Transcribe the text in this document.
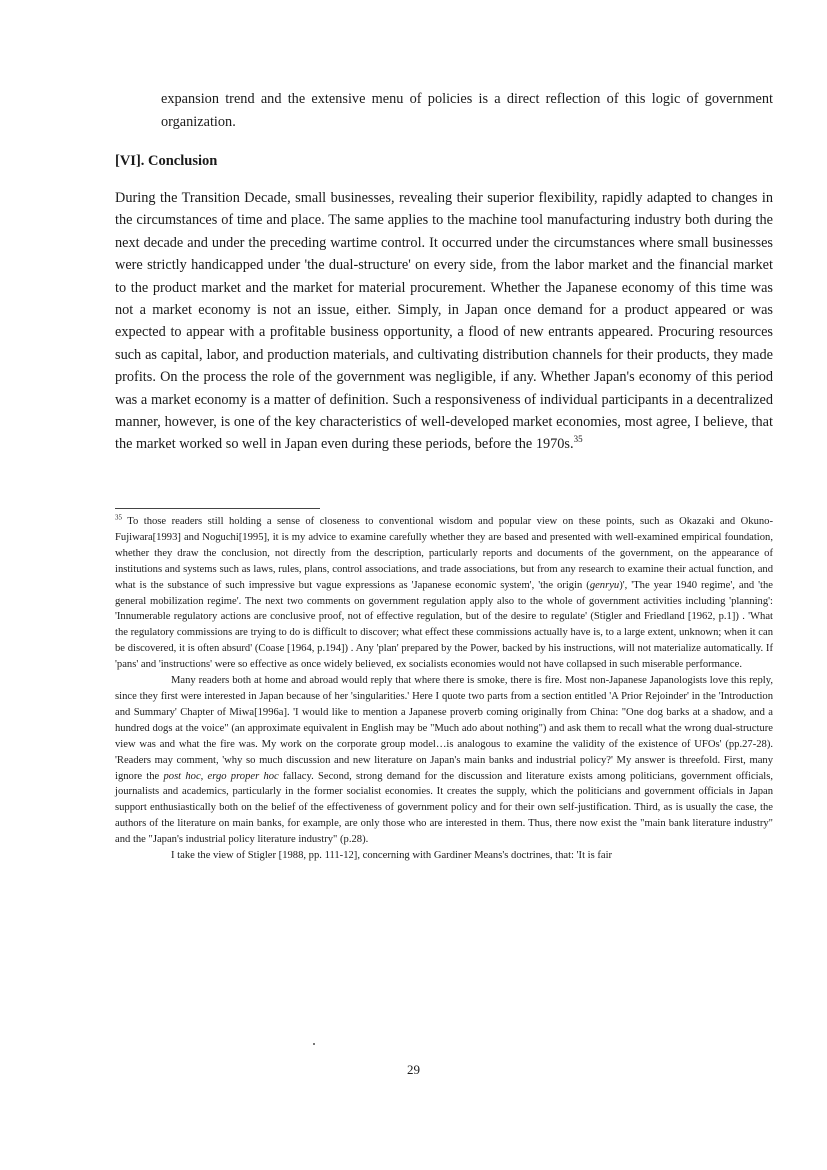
expansion trend and the extensive menu of policies is a direct reflection of this logic of government organization.

[VI]. Conclusion

During the Transition Decade, small businesses, revealing their superior flexibility, rapidly adapted to changes in the circumstances of time and place. The same applies to the machine tool manufacturing industry both during the next decade and under the preceding wartime control. It occurred under the circumstances where small businesses were strictly handicapped under 'the dual-structure' on every side, from the labor market and the financial market to the product market and the market for material procurement. Whether the Japanese economy of this time was not a market economy is not an issue, either. Simply, in Japan once demand for a product appeared or was expected to appear with a profitable business opportunity, a flood of new entrants appeared. Procuring resources such as capital, labor, and production materials, and cultivating distribution channels for their products, they made profits. On the process the role of the government was negligible, if any. Whether Japan's economy of this period was a market economy is a matter of definition. Such a responsiveness of individual participants in a decentralized manner, however, is one of the key characteristics of well-developed market economies, most agree, I believe, that the market worked so well in Japan even during these periods, before the 1970s.$^{35}$

$^{35}$ To those readers still holding a sense of closeness to conventional wisdom and popular view on these points, such as Okazaki and Okuno-Fujiwara[1993] and Noguchi[1995], it is my advice to examine carefully whether they are based and presented with well-examined empirical foundation, whether they draw the conclusion, not directly from the description, particularly reports and documents of the government, on the appearance of institutions and systems such as laws, rules, plans, control associations, and trade associations, but from any research to examine their actual function, and what is the substance of such impressive but vague expressions as 'Japanese economic system', 'the origin (genryu)', 'The year 1940 regime', and 'the general mobilization regime'. The next two comments on government regulation apply also to the whole of government activities including 'planning': 'Innumerable regulatory actions are conclusive proof, not of effective regulation, but of the desire to regulate' (Stigler and Friedland [1962, p.1]) . 'What the regulatory commissions are trying to do is difficult to discover; what effect these commissions actually have is, to a large extent, unknown; when it can be discovered, it is often absurd' (Coase [1964, p.194]) . Any 'plan' prepared by the Power, backed by his instructions, will not materialize automatically. If 'pans' and 'instructions' were so effective as once widely believed, ex socialists economies would not have collapsed in such miserable performance.

Many readers both at home and abroad would reply that where there is smoke, there is fire. Most non-Japanese Japanologists love this reply, since they first were interested in Japan because of her 'singularities.' Here I quote two parts from a section entitled 'A Prior Rejoinder' in the 'Introduction and Summary' Chapter of Miwa[1996a]. 'I would like to mention a Japanese proverb coming originally from China: "One dog barks at a shadow, and a hundred dogs at the voice" (an approximate equivalent in English may be "Much ado about nothing") and ask them to recall what the wrong dual-structure view was and what the fire was. My work on the corporate group model…is analogous to examine the validity of the existence of UFOs' (pp.27-28). 'Readers may comment, 'why so much discussion and new literature on Japan's main banks and industrial policy?' My answer is threefold. First, many ignore the post hoc, ergo proper hoc fallacy. Second, strong demand for the discussion and literature exists among politicians, government officials, journalists and academics, particularly in the former socialist economies. It creates the supply, which the politicians and government officials in Japan support enthusiastically both on the belief of the effectiveness of government policy and for their own self-justification. Third, as is usually the case, the authors of the literature on main banks, for example, are only those who are interested in them. Thus, there now exist the "main bank literature industry" and the "Japan's industrial policy literature industry" (p.28).

I take the view of Stigler [1988, pp. 111-12], concerning with Gardiner Means's doctrines, that: 'It is fair

29
